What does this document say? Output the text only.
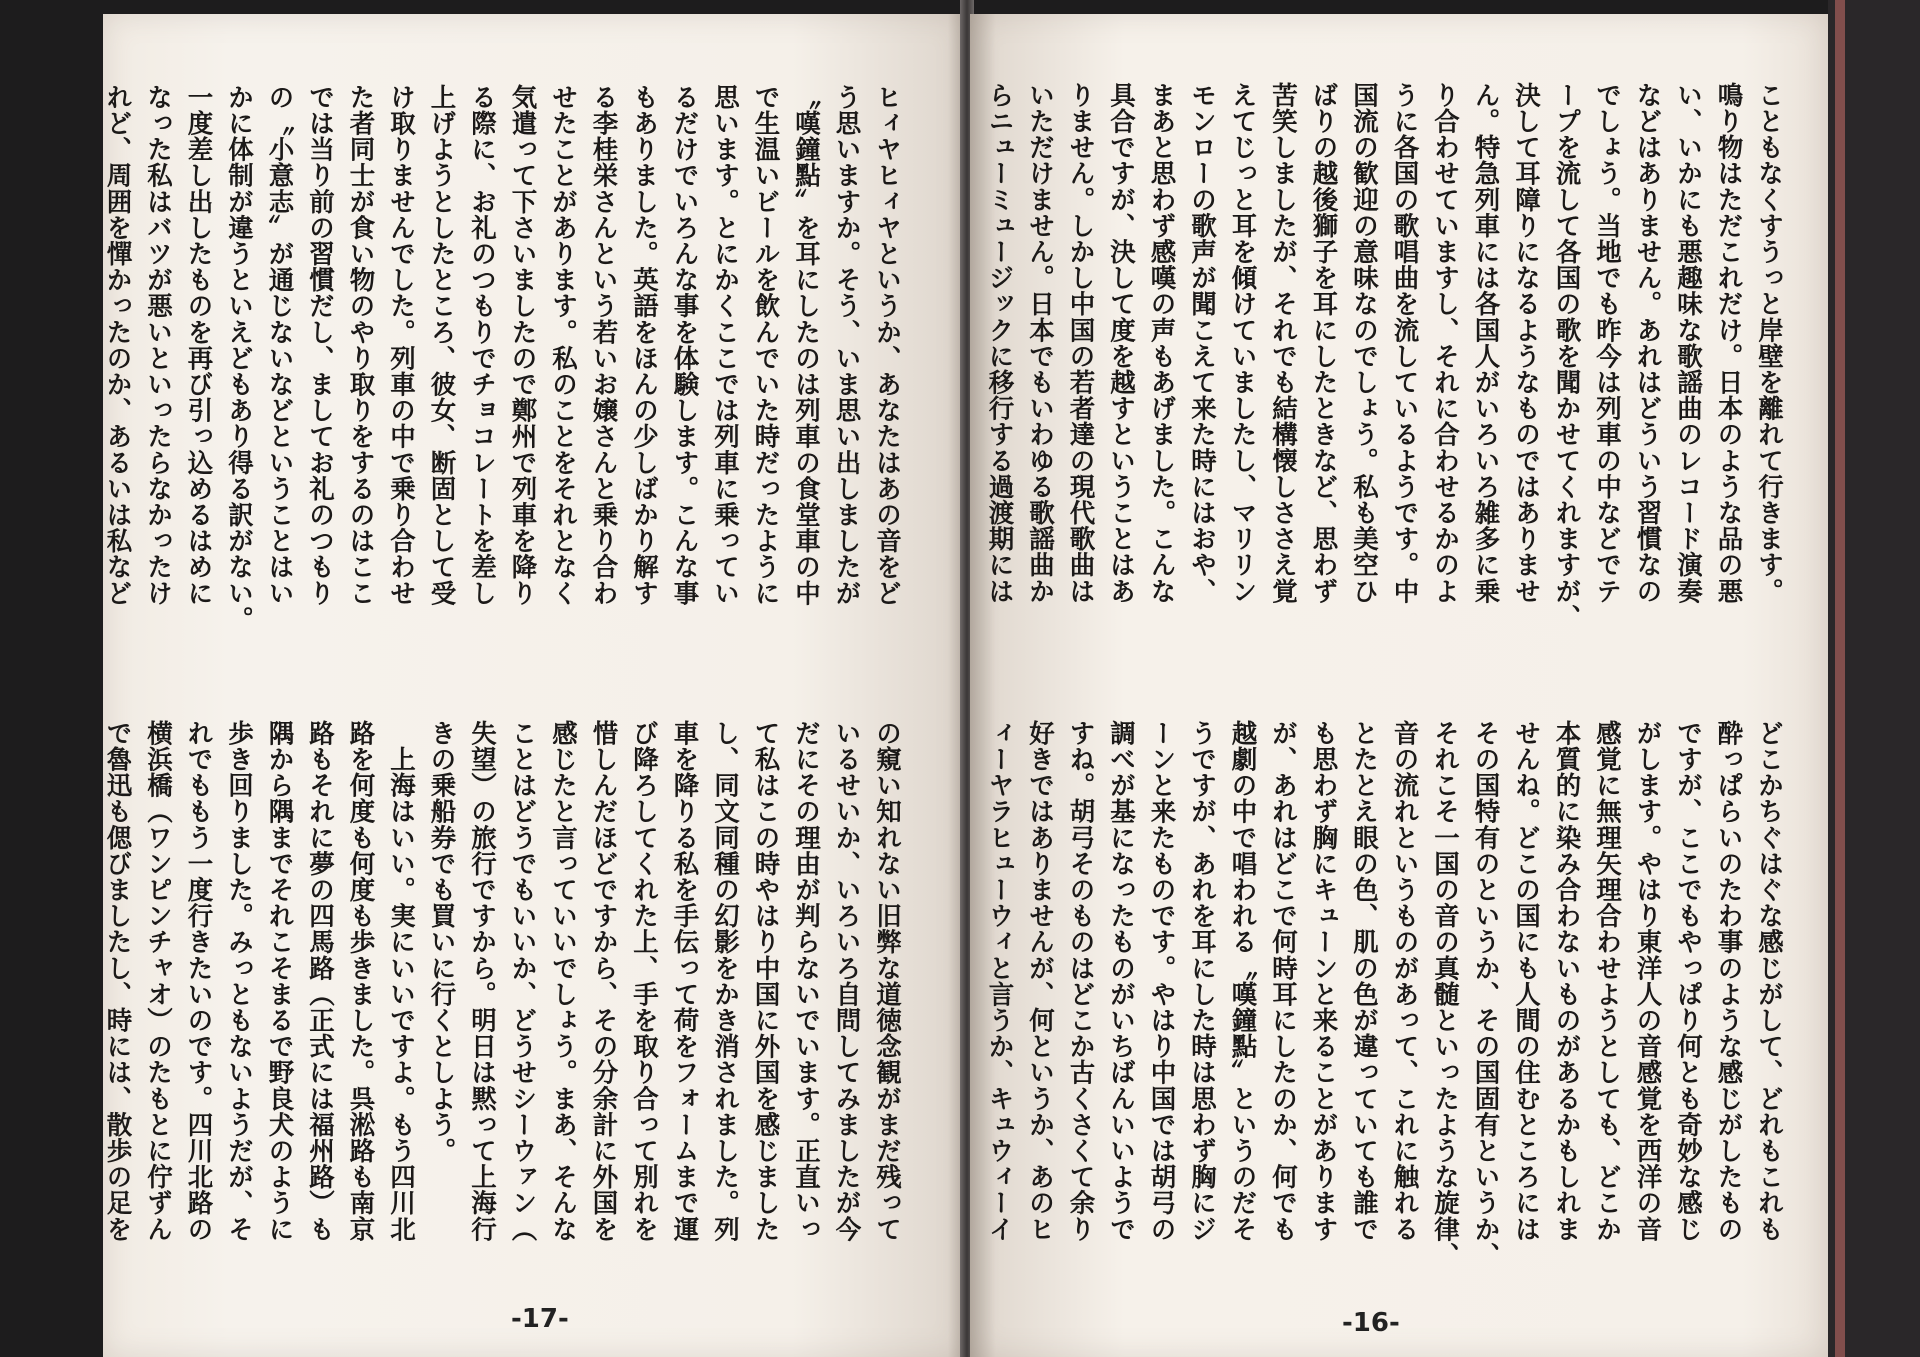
ヒィヤヒィヤというか、あなたはあの音をど

う思いますか。そう、いま思い出しましたが

〝嘆鐘點〟を耳にしたのは列車の食堂車の中

で生温いビールを飲んでいた時だったように

思います。とにかくここでは列車に乗ってい

るだけでいろんな事を体験します。こんな事

もありました。英語をほんの少しばかり解す

る李桂栄さんという若いお嬢さんと乗り合わ

せたことがあります。私のことをそれとなく

気遣って下さいましたので鄭州で列車を降り

る際に、お礼のつもりでチョコレートを差し

上げようとしたところ、彼女、断固として受

け取りませんでした。列車の中で乗り合わせ

た者同士が食い物のやり取りをするのはここ

では当り前の習慣だし、ましてお礼のつもり

の〝小意志〟が通じないなどということはい

かに体制が違うといえどもあり得る訳がない。

一度差し出したものを再び引っ込めるはめに

なった私はバツが悪いといったらなかったけ

れど、周囲を憚かったのか、あるいは私など

の窺い知れない旧弊な道徳念観がまだ残って

いるせいか、いろいろ自問してみましたが今

だにその理由が判らないでいます。正直いっ

て私はこの時やはり中国に外国を感じました

し、同文同種の幻影をかき消されました。列

車を降りる私を手伝って荷をフォームまで運

び降ろしてくれた上、手を取り合って別れを

惜しんだほどですから、その分余計に外国を

感じたと言っていいでしょう。まあ、そんな

ことはどうでもいいか、どうせシーウァン（

失望）の旅行ですから。明日は黙って上海行

きの乗船券でも買いに行くとしよう。

　上海はいい。実にいいですよ。もう四川北

路を何度も何度も歩きました。呉淞路も南京

路もそれに夢の四馬路（正式には福州路）も

隅から隅までそれこそまるで野良犬のように

歩き回りました。みっともないようだが、そ

れでももう一度行きたいのです。四川北路の

横浜橋（ワンピンチャオ）のたもとに佇ずん

で魯迅も偲びましたし、時には、散歩の足を

-17-

こともなくすうっと岸壁を離れて行きます。

鳴り物はただこれだけ。日本のような品の悪

い、いかにも悪趣味な歌謡曲のレコード演奏

などはありません。あれはどういう習慣なの

でしょう。当地でも昨今は列車の中などでテ

ープを流して各国の歌を聞かせてくれますが、

決して耳障りになるようなものではありませ

ん。特急列車には各国人がいろいろ雑多に乗

り合わせていますし、それに合わせるかのよ

うに各国の歌唱曲を流しているようです。中

国流の歓迎の意味なのでしょう。私も美空ひ

ばりの越後獅子を耳にしたときなど、思わず

苦笑しましたが、それでも結構懐しささえ覚

えてじっと耳を傾けていましたし、マリリン

モンローの歌声が聞こえて来た時にはおや、

まあと思わず感嘆の声もあげました。こんな

具合ですが、決して度を越すということはあ

りません。しかし中国の若者達の現代歌曲は

いただけません。日本でもいわゆる歌謡曲か

らニューミュージックに移行する過渡期には

どこかちぐはぐな感じがして、どれもこれも

酔っぱらいのたわ事のような感じがしたもの

ですが、ここでもやっぱり何とも奇妙な感じ

がします。やはり東洋人の音感覚を西洋の音

感覚に無理矢理合わせようとしても、どこか

本質的に染み合わないものがあるかもしれま

せんね。どこの国にも人間の住むところには

その国特有のというか、その国固有というか、

それこそ一国の音の真髄といったような旋律、

音の流れというものがあって、これに触れる

とたとえ眼の色、肌の色が違っていても誰で

も思わず胸にキューンと来ることがあります

が、あれはどこで何時耳にしたのか、何でも

越劇の中で唱われる〝嘆鐘點〟というのだそ

うですが、あれを耳にした時は思わず胸にジ

ーンと来たものです。やはり中国では胡弓の

調べが基になったものがいちばんいいようで

すね。胡弓そのものはどこか古くさくて余り

好きではありませんが、何というか、あのヒ

ィーヤラヒューウィと言うか、キュウィーイ

-16-
